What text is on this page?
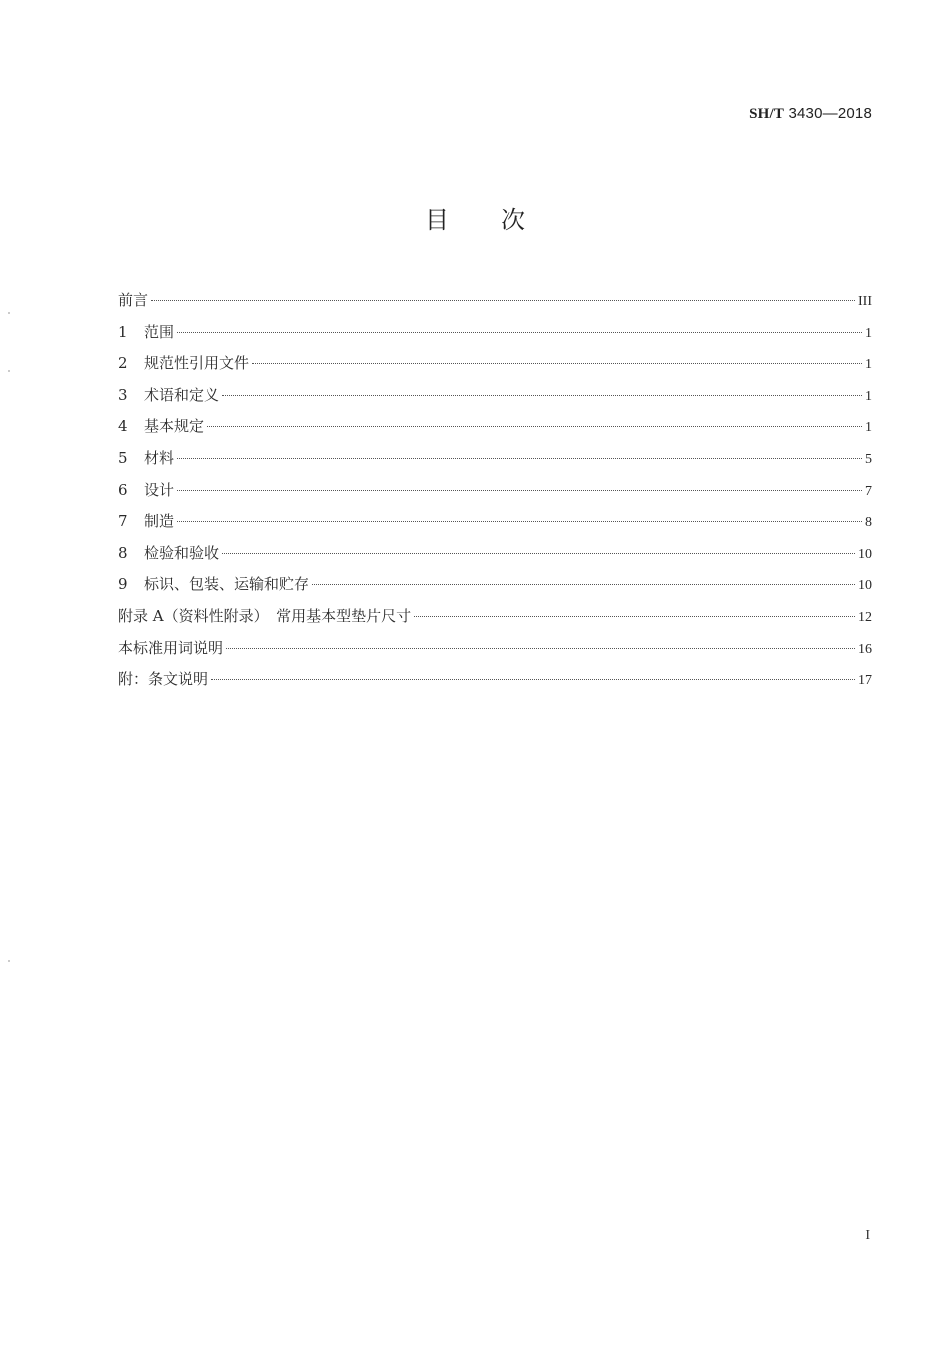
SH/T 3430—2018
目次
前言	III
1	范围	1
2	规范性引用文件	1
3	术语和定义	1
4	基本规定	1
5	材料	5
6	设计	7
7	制造	8
8	检验和验收	10
9	标识、包装、运输和贮存	10
附录 A（资料性附录）　常用基本型垫片尺寸	12
本标准用词说明	16
附：条文说明	17
I
